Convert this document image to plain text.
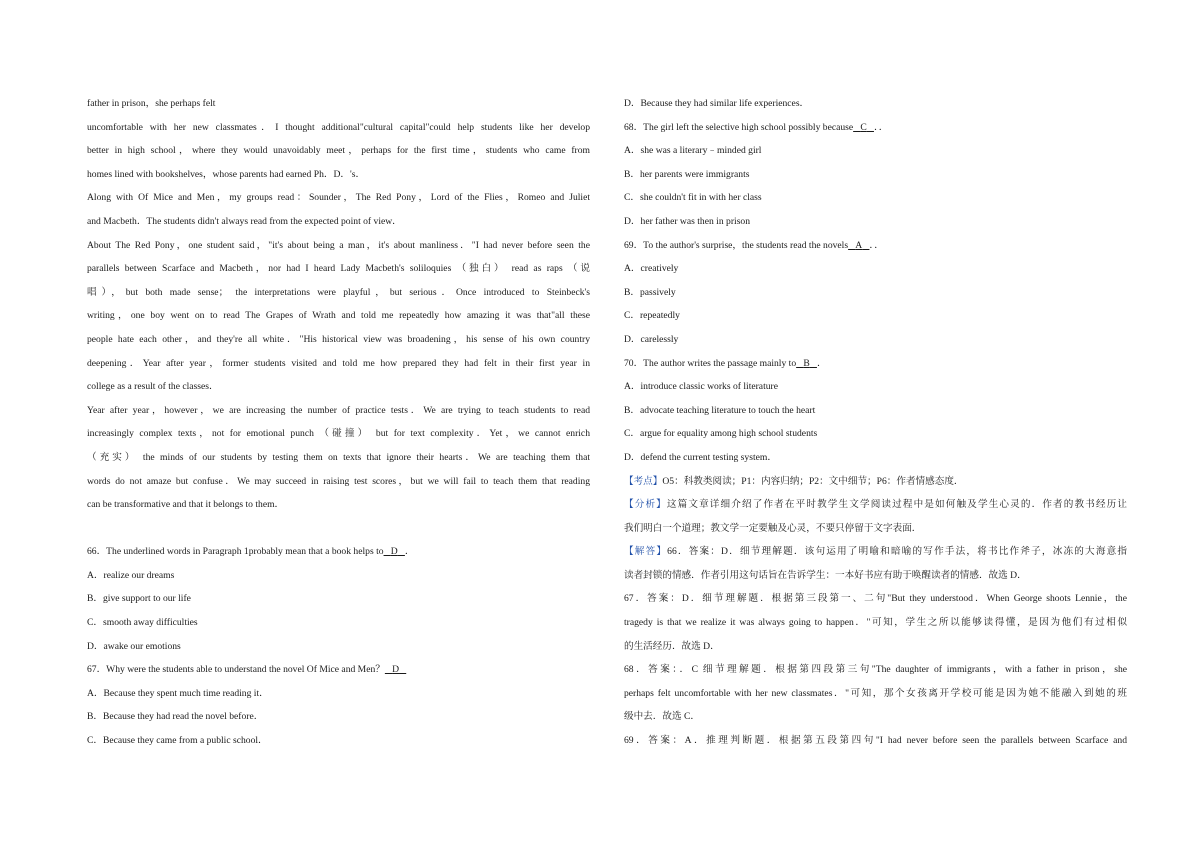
father in prison，she perhaps felt

uncomfortable with her new classmates．I thought additional"cultural capital"could help students like her develop

better in high school，where they would unavoidably meet，perhaps for the first time，students who came from

homes lined with bookshelves，whose parents had earned Ph．D．'s．

Along with Of Mice and Men，my groups read：Sounder，The Red Pony，Lord of the Flies，Romeo and Juliet

and Macbeth．The students didn't always read from the expected point of view．

About The Red Pony，one student said，"it's about being a man，it's about manliness．"I had never before seen the

parallels between Scarface and Macbeth，nor had I heard Lady Macbeth's soliloquies （独白） read as raps （说

唱），but both made sense； the interpretations were playful，but serious．Once introduced to Steinbeck's

writing，one boy went on to read The Grapes of Wrath and told me repeatedly how amazing it was that"all these

people hate each other，and they're all white．"His historical view was broadening，his sense of his own country

deepening．Year after year，former students visited and told me how prepared they had felt in their first year in

college as a result of the classes．

Year after year，however，we are increasing the number of practice tests．We are trying to teach students to read

increasingly complex texts，not for emotional punch （碰撞） but for text complexity．Yet，we cannot enrich

（充实） the minds of our students by testing them on texts that ignore their hearts．We are teaching them that

words do not amaze but confuse．We may succeed in raising test scores，but we will fail to teach them that reading

can be transformative and that it belongs to them．

66．The underlined words in Paragraph 1probably mean that a book helps to D ．

A．realize our dreams

B．give support to our life

C．smooth away difficulties

D．awake our emotions

67．Why were the students able to understand the novel Of Mice and Men？ D

A．Because they spent much time reading it．

B．Because they had read the novel before．

C．Because they came from a public school．

D．Because they had similar life experiences．

68．The girl left the selective high school possibly because C ．．

A．she was a literary﹣minded girl

B．her parents were immigrants

C．she couldn't fit in with her class

D．her father was then in prison

69．To the author's surprise，the students read the novels A ．．

A．creatively

B．passively

C．repeatedly

D．carelessly

70．The author writes the passage mainly to B ．

A．introduce classic works of literature

B．advocate teaching literature to touch the heart

C．argue for equality among high school students

D．defend the current testing system．

【考点】O5：科教类阅读；P1：内容归纳；P2：文中细节；P6：作者情感态度．

【分析】这篇文章详细介绍了作者在平时教学生文学阅读过程中是如何触及学生心灵的．作者的教书经历让

我们明白一个道理；教文学一定要触及心灵，不要只停留于文字表面．

【解答】66．答案：D．细节理解题．该句运用了明喻和暗喻的写作手法，将书比作斧子，冰冻的大海意指

读者封锁的情感．作者引用这句话旨在告诉学生：一本好书应有助于唤醒读者的情感．故选 D．

67．答案：D．细节理解题．根据第三段第一、二句"But they understood．When George shoots Lennie，the

tragedy is that we realize it was always going to happen．"可知，学生之所以能够读得懂，是因为他们有过相似

的生活经历．故选 D．

68．答案：．C 细节理解题．根据第四段第三句"The daughter of immigrants，with a father in prison，she

perhaps felt uncomfortable with her new classmates．"可知，那个女孩离开学校可能是因为她不能融入到她的班

级中去．故选 C．

69．答案：A．推理判断题．根据第五段第四句"I had never before seen the parallels between Scarface and
